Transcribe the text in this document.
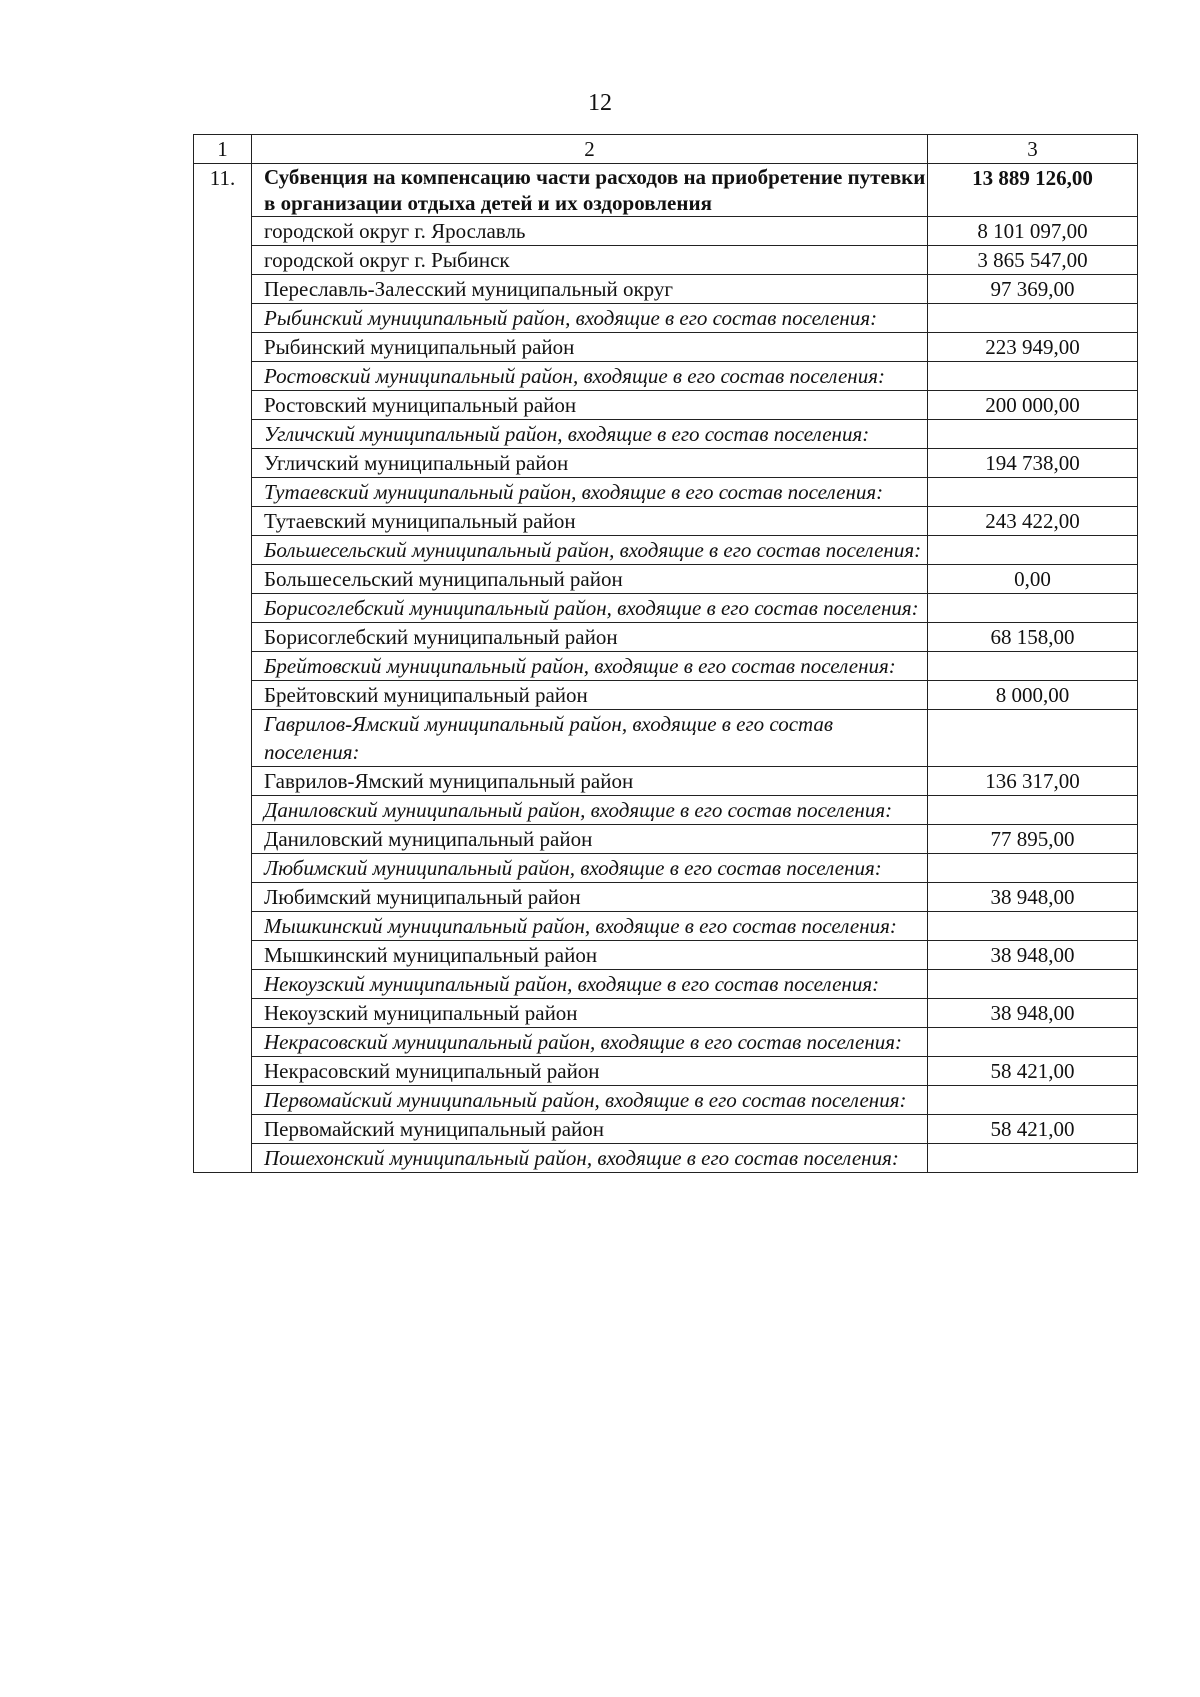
12
1	2	3
11.	Субвенция на компенсацию части расходов на приобретение путевки в организации отдыха детей и их оздоровления	13 889 126,00
	городской округ г. Ярославль	8 101 097,00
	городской округ г. Рыбинск	3 865 547,00
	Переславль-Залесский муниципальный округ	97 369,00
	Рыбинский муниципальный район, входящие в его состав поселения:	
	Рыбинский муниципальный район	223 949,00
	Ростовский муниципальный район, входящие в его состав поселения:	
	Ростовский муниципальный район	200 000,00
	Угличский муниципальный район, входящие в его состав поселения:	
	Угличский муниципальный район	194 738,00
	Тутаевский муниципальный район, входящие в его состав поселения:	
	Тутаевский муниципальный район	243 422,00
	Большесельский муниципальный район, входящие в его состав поселения:	
	Большесельский муниципальный район	0,00
	Борисоглебский муниципальный район, входящие в его состав поселения:	
	Борисоглебский муниципальный район	68 158,00
	Брейтовский муниципальный район, входящие в его состав поселения:	
	Брейтовский муниципальный район	8 000,00
	Гаврилов-Ямский муниципальный район, входящие в его состав поселения:	
	Гаврилов-Ямский муниципальный район	136 317,00
	Даниловский муниципальный район, входящие в его состав поселения:	
	Даниловский муниципальный район	77 895,00
	Любимский муниципальный район, входящие в его состав поселения:	
	Любимский муниципальный район	38 948,00
	Мышкинский муниципальный район, входящие в его состав поселения:	
	Мышкинский муниципальный район	38 948,00
	Некоузский муниципальный район, входящие в его состав поселения:	
	Некоузский муниципальный район	38 948,00
	Некрасовский муниципальный район, входящие в его состав поселения:	
	Некрасовский муниципальный район	58 421,00
	Первомайский муниципальный район, входящие в его состав поселения:	
	Первомайский муниципальный район	58 421,00
	Пошехонский муниципальный район, входящие в его состав поселения:	
